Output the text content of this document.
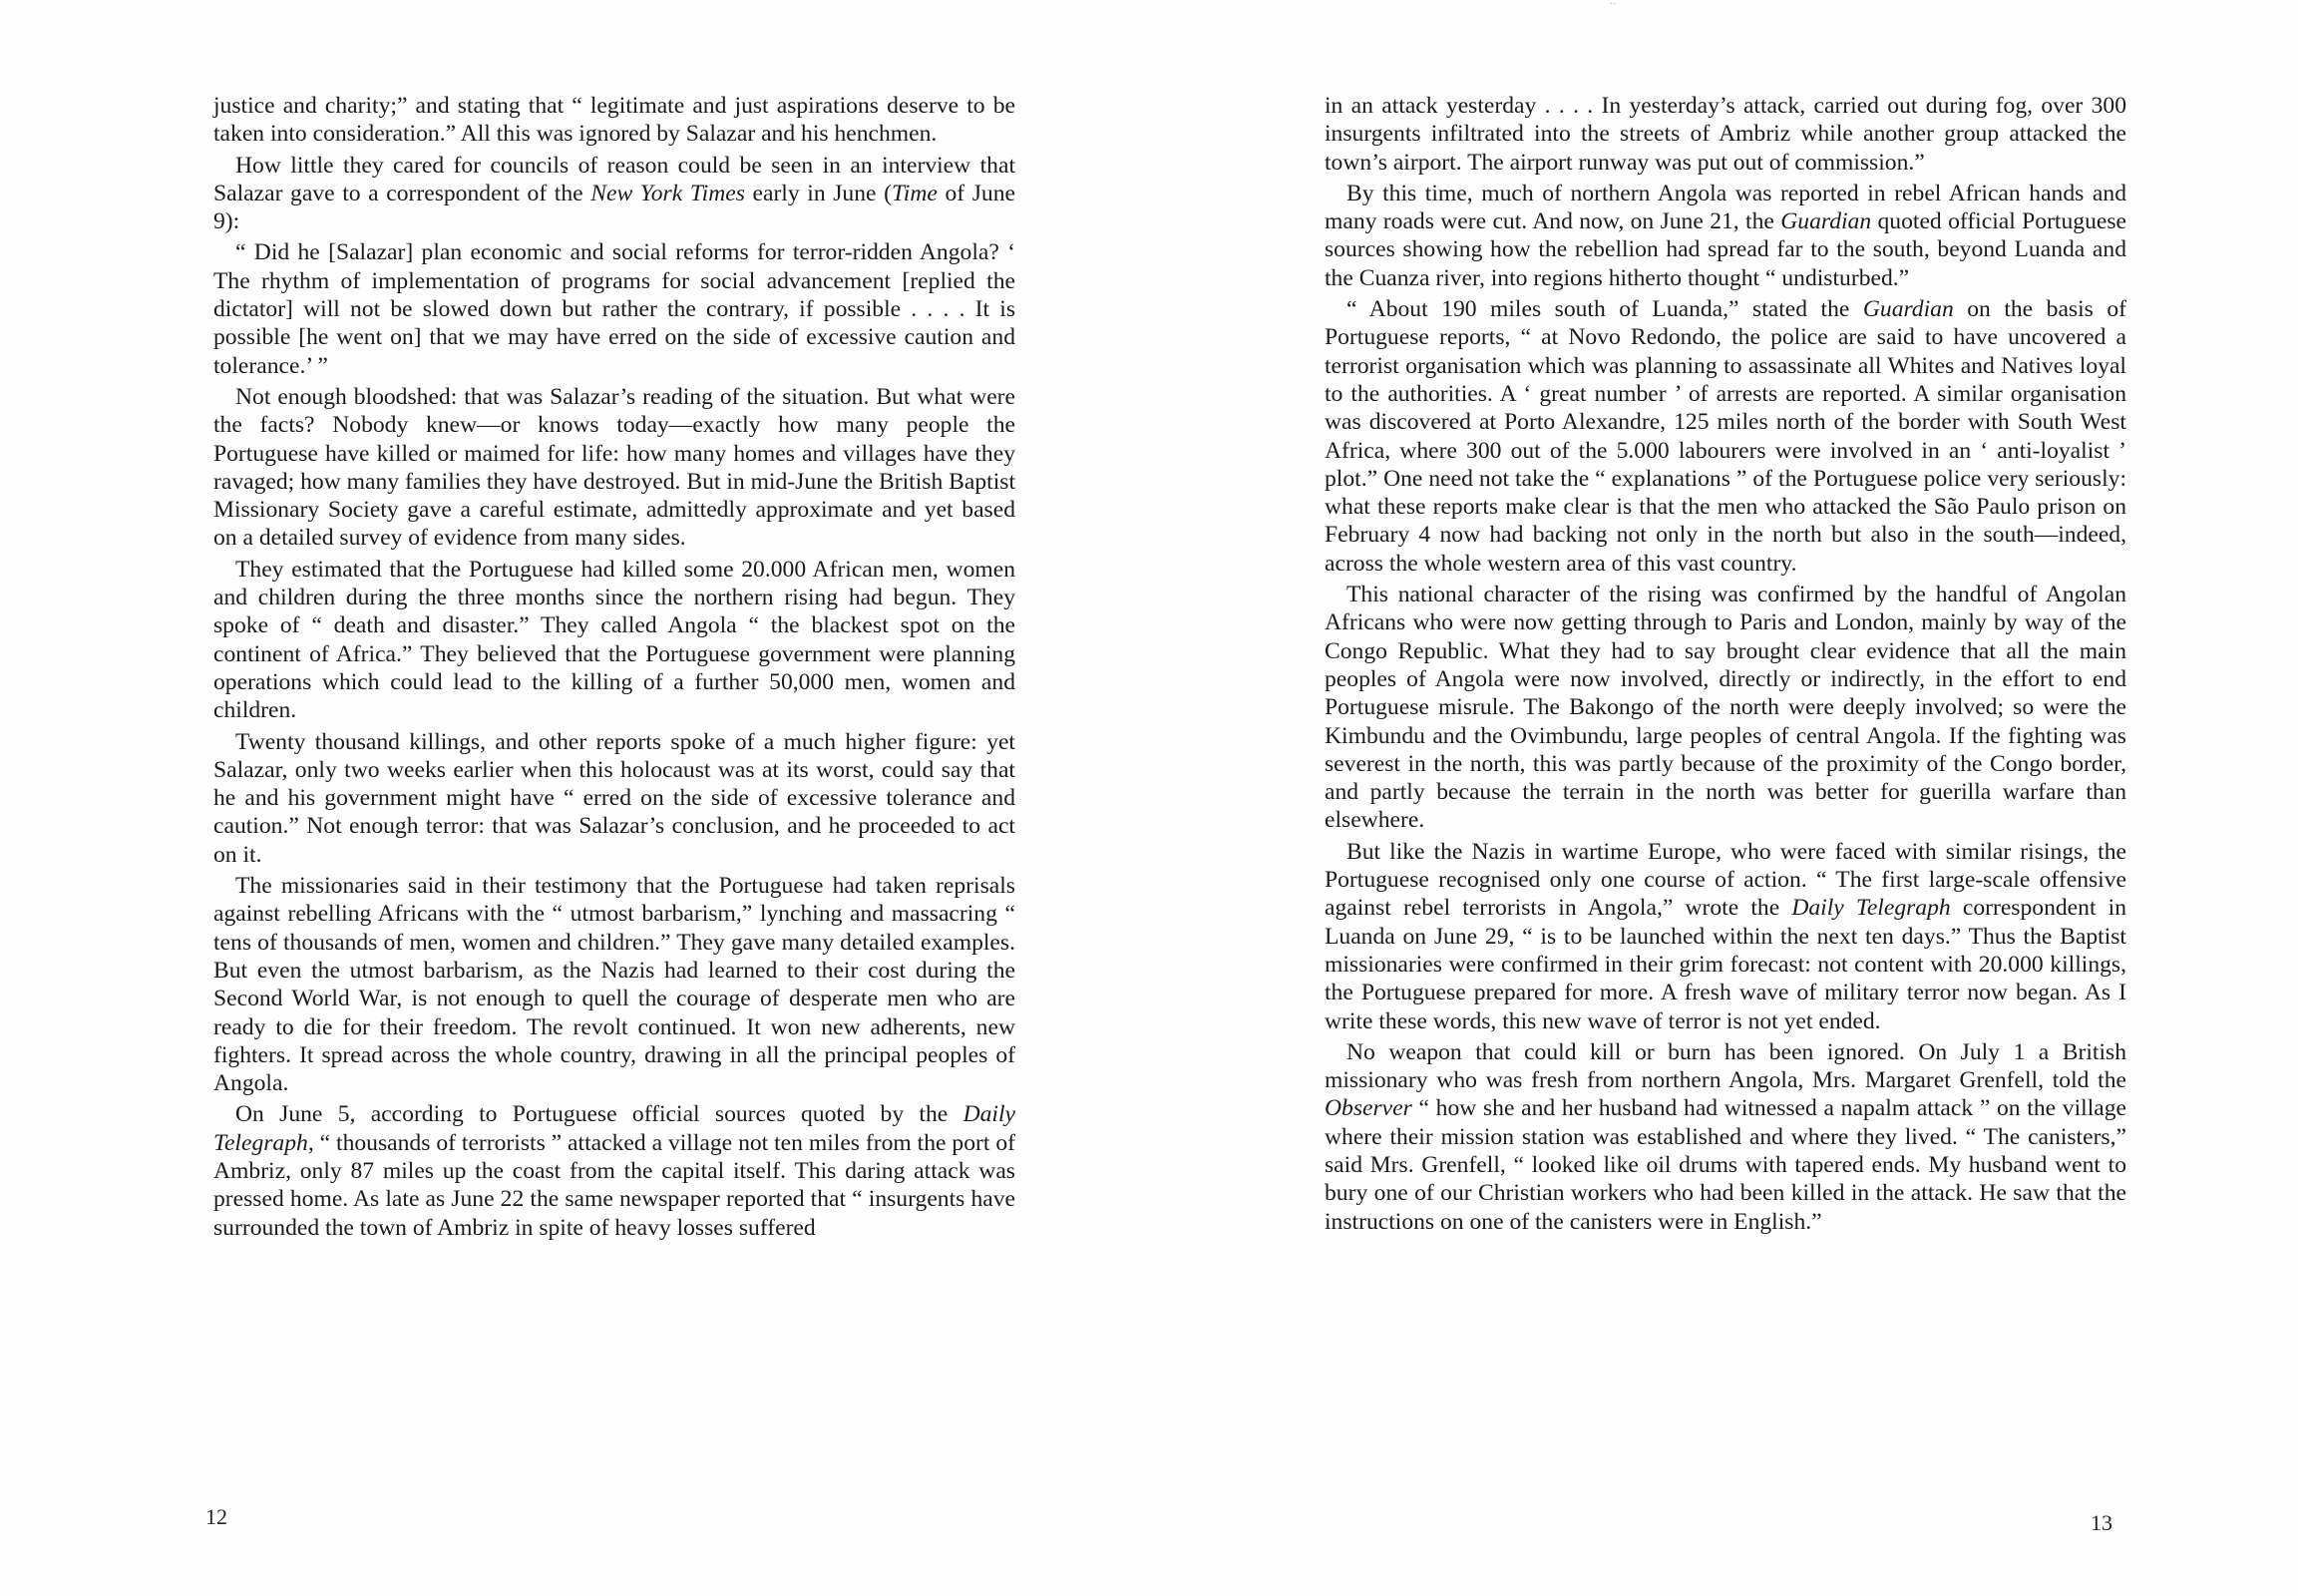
˙˙

justice and charity;” and stating that “ legitimate and just aspirations deserve to be taken into consideration.” All this was ignored by Salazar and his henchmen.

How little they cared for councils of reason could be seen in an interview that Salazar gave to a correspondent of the New York Times early in June (Time of June 9):

“ Did he [Salazar] plan economic and social reforms for terror-ridden Angola? ‘ The rhythm of implementation of programs for social advancement [replied the dictator] will not be slowed down but rather the contrary, if possible . . . . It is possible [he went on] that we may have erred on the side of excessive caution and tolerance.’ ”

Not enough bloodshed: that was Salazar’s reading of the situation. But what were the facts? Nobody knew—or knows today—exactly how many people the Portuguese have killed or maimed for life: how many homes and villages have they ravaged; how many families they have destroyed. But in mid-June the British Baptist Missionary Society gave a careful estimate, admittedly approximate and yet based on a detailed survey of evidence from many sides.

They estimated that the Portuguese had killed some 20.000 African men, women and children during the three months since the northern rising had begun. They spoke of “ death and disaster.” They called Angola “ the blackest spot on the continent of Africa.” They believed that the Portuguese government were planning operations which could lead to the killing of a further 50,000 men, women and children.

Twenty thousand killings, and other reports spoke of a much higher figure: yet Salazar, only two weeks earlier when this holocaust was at its worst, could say that he and his government might have “ erred on the side of excessive tolerance and caution.” Not enough terror: that was Salazar’s conclusion, and he proceeded to act on it.

The missionaries said in their testimony that the Portuguese had taken reprisals against rebelling Africans with the “ utmost barbarism,” lynching and massacring “ tens of thousands of men, women and children.” They gave many detailed examples. But even the utmost barbarism, as the Nazis had learned to their cost during the Second World War, is not enough to quell the courage of desperate men who are ready to die for their freedom. The revolt continued. It won new adherents, new fighters. It spread across the whole country, drawing in all the principal peoples of Angola.

On June 5, according to Portuguese official sources quoted by the Daily Telegraph, “ thousands of terrorists ” attacked a village not ten miles from the port of Ambriz, only 87 miles up the coast from the capital itself. This daring attack was pressed home. As late as June 22 the same newspaper reported that “ insurgents have surrounded the town of Ambriz in spite of heavy losses suffered

12

in an attack yesterday . . . . In yesterday’s attack, carried out during fog, over 300 insurgents infiltrated into the streets of Ambriz while another group attacked the town’s airport. The airport runway was put out of commission.”

By this time, much of northern Angola was reported in rebel African hands and many roads were cut. And now, on June 21, the Guardian quoted official Portuguese sources showing how the rebellion had spread far to the south, beyond Luanda and the Cuanza river, into regions hitherto thought “ undisturbed.”

“ About 190 miles south of Luanda,” stated the Guardian on the basis of Portuguese reports, “ at Novo Redondo, the police are said to have uncovered a terrorist organisation which was planning to assassinate all Whites and Natives loyal to the authorities. A ‘ great number ’ of arrests are reported. A similar organisation was discovered at Porto Alexandre, 125 miles north of the border with South West Africa, where 300 out of the 5.000 labourers were involved in an ‘ anti-loyalist ’ plot.” One need not take the “ explanations ” of the Portuguese police very seriously: what these reports make clear is that the men who attacked the São Paulo prison on February 4 now had backing not only in the north but also in the south—indeed, across the whole western area of this vast country.

This national character of the rising was confirmed by the handful of Angolan Africans who were now getting through to Paris and London, mainly by way of the Congo Republic. What they had to say brought clear evidence that all the main peoples of Angola were now involved, directly or indirectly, in the effort to end Portuguese misrule. The Bakongo of the north were deeply involved; so were the Kimbundu and the Ovimbundu, large peoples of central Angola. If the fighting was severest in the north, this was partly because of the proximity of the Congo border, and partly because the terrain in the north was better for guerilla warfare than elsewhere.

But like the Nazis in wartime Europe, who were faced with similar risings, the Portuguese recognised only one course of action. “ The first large-scale offensive against rebel terrorists in Angola,” wrote the Daily Telegraph correspondent in Luanda on June 29, “ is to be launched within the next ten days.” Thus the Baptist missionaries were confirmed in their grim forecast: not content with 20.000 killings, the Portuguese prepared for more. A fresh wave of military terror now began. As I write these words, this new wave of terror is not yet ended.

No weapon that could kill or burn has been ignored. On July 1 a British missionary who was fresh from northern Angola, Mrs. Margaret Grenfell, told the Observer “ how she and her husband had witnessed a napalm attack ” on the village where their mission station was established and where they lived. “ The canisters,” said Mrs. Grenfell, “ looked like oil drums with tapered ends. My husband went to bury one of our Christian workers who had been killed in the attack. He saw that the instructions on one of the canisters were in English.”

13
